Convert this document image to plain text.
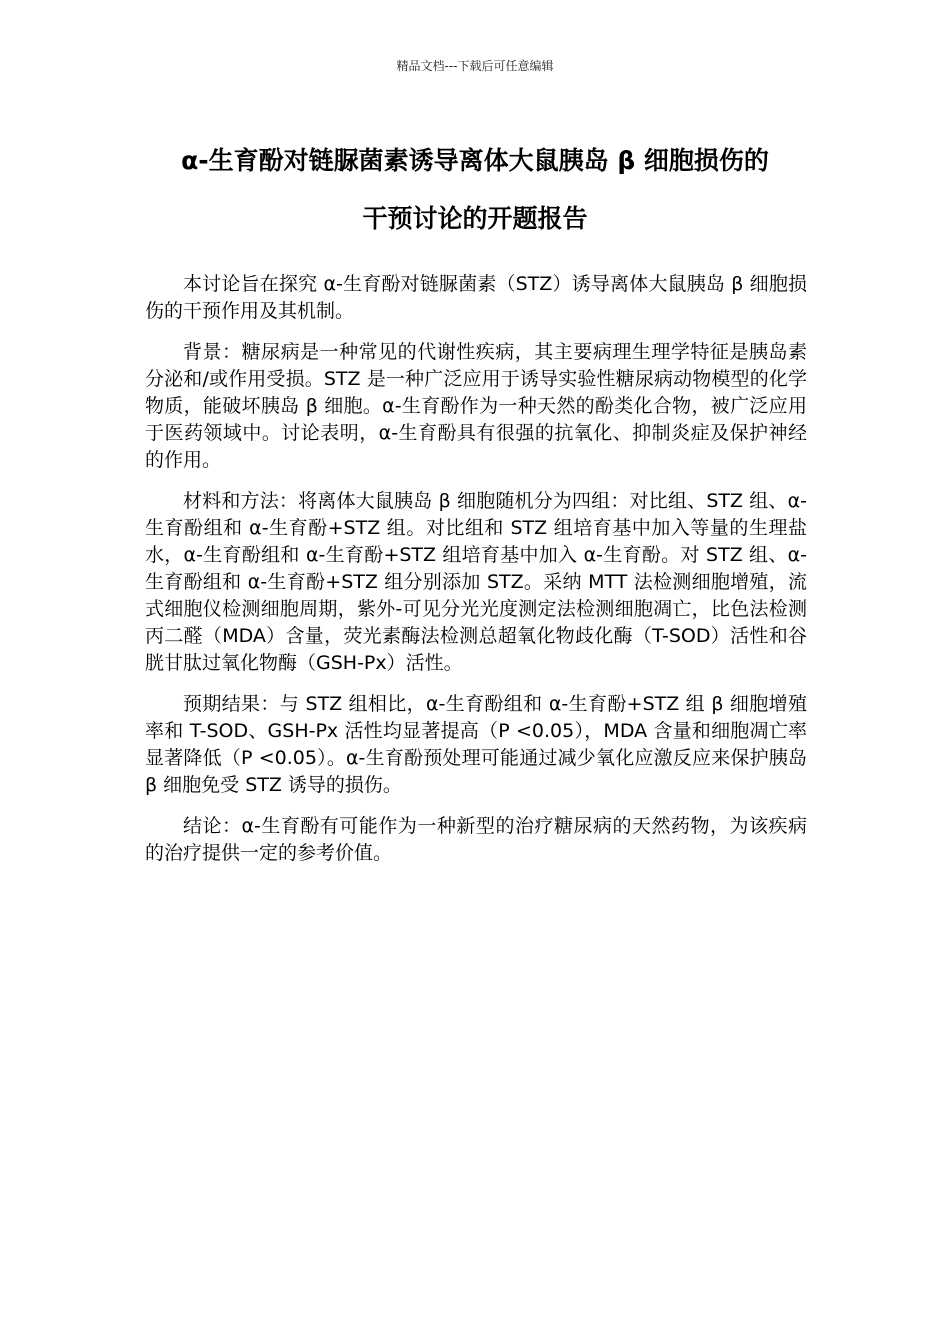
精品文档---下载后可任意编辑
α-生育酚对链脲菌素诱导离体大鼠胰岛 β 细胞损伤的
干预讨论的开题报告

本讨论旨在探究 α-生育酚对链脲菌素（STZ）诱导离体大鼠胰岛 β 细胞损伤的干预作用及其机制。

背景：糖尿病是一种常见的代谢性疾病，其主要病理生理学特征是胰岛素分泌和/或作用受损。STZ 是一种广泛应用于诱导实验性糖尿病动物模型的化学物质，能破坏胰岛 β 细胞。α-生育酚作为一种天然的酚类化合物，被广泛应用于医药领域中。讨论表明，α-生育酚具有很强的抗氧化、抑制炎症及保护神经的作用。

材料和方法：将离体大鼠胰岛 β 细胞随机分为四组：对比组、STZ 组、α-生育酚组和 α-生育酚+STZ 组。对比组和 STZ 组培育基中加入等量的生理盐水，α-生育酚组和 α-生育酚+STZ 组培育基中加入 α-生育酚。对 STZ 组、α-生育酚组和 α-生育酚+STZ 组分别添加 STZ。采纳 MTT 法检测细胞增殖，流式细胞仪检测细胞周期，紫外-可见分光光度测定法检测细胞凋亡，比色法检测丙二醛（MDA）含量，荧光素酶法检测总超氧化物歧化酶（T-SOD）活性和谷胱甘肽过氧化物酶（GSH-Px）活性。

预期结果：与 STZ 组相比，α-生育酚组和 α-生育酚+STZ 组 β 细胞增殖率和 T-SOD、GSH-Px 活性均显著提高（P <0.05），MDA 含量和细胞凋亡率显著降低（P <0.05）。α-生育酚预处理可能通过减少氧化应激反应来保护胰岛 β 细胞免受 STZ 诱导的损伤。

结论：α-生育酚有可能作为一种新型的治疗糖尿病的天然药物，为该疾病的治疗提供一定的参考价值。
